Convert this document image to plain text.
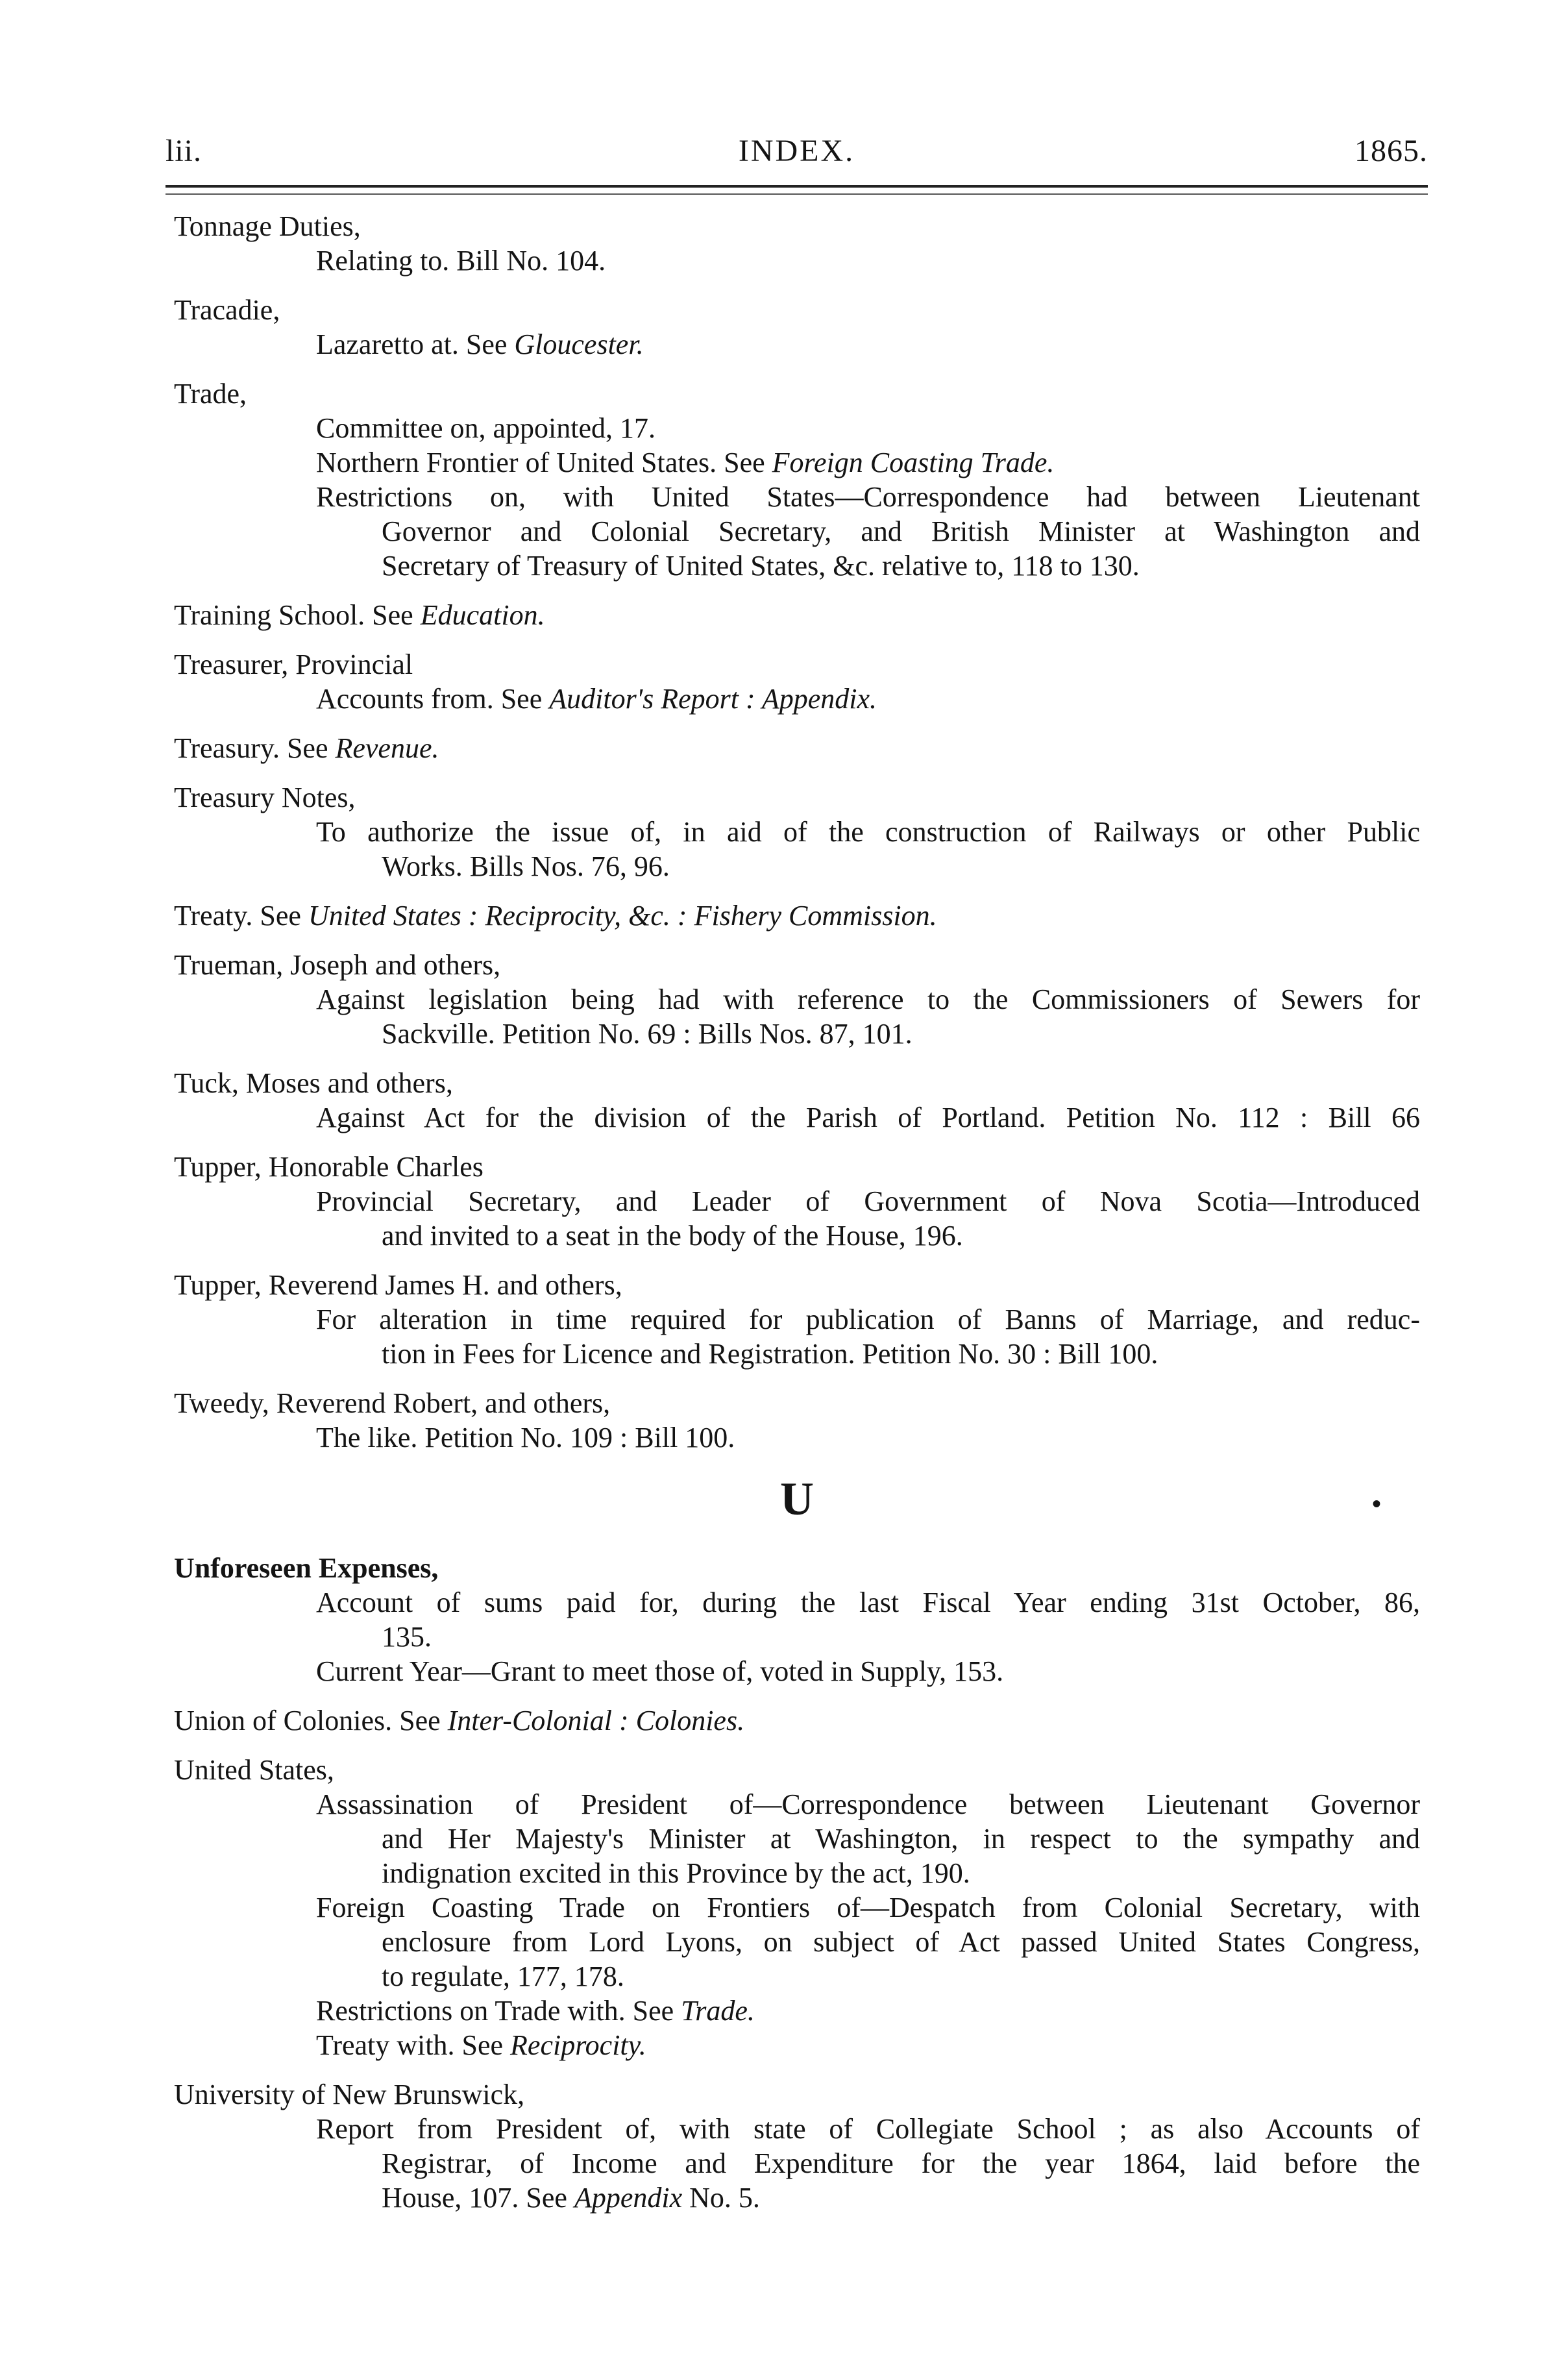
lii.	INDEX.	1865.
Tonnage Duties,
Relating to. Bill No. 104.
Tracadie,
Lazaretto at. See Gloucester.
Trade,
Committee on, appointed, 17.
Northern Frontier of United States. See Foreign Coasting Trade.
Restrictions on, with United States—Correspondence had between Lieutenant
Governor and Colonial Secretary, and British Minister at Washington and
Secretary of Treasury of United States, &c. relative to, 118 to 130.
Training School. See Education.
Treasurer, Provincial
Accounts from. See Auditor's Report : Appendix.
Treasury. See Revenue.
Treasury Notes,
To authorize the issue of, in aid of the construction of Railways or other Public
Works. Bills Nos. 76, 96.
Treaty. See United States : Reciprocity, &c. : Fishery Commission.
Trueman, Joseph and others,
Against legislation being had with reference to the Commissioners of Sewers for
Sackville. Petition No. 69 : Bills Nos. 87, 101.
Tuck, Moses and others,
Against Act for the division of the Parish of Portland. Petition No. 112 : Bill 66
Tupper, Honorable Charles
Provincial Secretary, and Leader of Government of Nova Scotia—Introduced
and invited to a seat in the body of the House, 196.
Tupper, Reverend James H. and others,
For alteration in time required for publication of Banns of Marriage, and reduc-
tion in Fees for Licence and Registration. Petition No. 30 : Bill 100.
Tweedy, Reverend Robert, and others,
The like. Petition No. 109 : Bill 100.
U	•
Unforeseen Expenses,
Account of sums paid for, during the last Fiscal Year ending 31st October, 86,
135.
Current Year—Grant to meet those of, voted in Supply, 153.
Union of Colonies. See Inter-Colonial : Colonies.
United States,
Assassination of President of—Correspondence between Lieutenant Governor
and Her Majesty's Minister at Washington, in respect to the sympathy and
indignation excited in this Province by the act, 190.
Foreign Coasting Trade on Frontiers of—Despatch from Colonial Secretary, with
enclosure from Lord Lyons, on subject of Act passed United States Congress,
to regulate, 177, 178.
Restrictions on Trade with. See Trade.
Treaty with. See Reciprocity.
University of New Brunswick,
Report from President of, with state of Collegiate School ; as also Accounts of
Registrar, of Income and Expenditure for the year 1864, laid before the
House, 107. See Appendix No. 5.
